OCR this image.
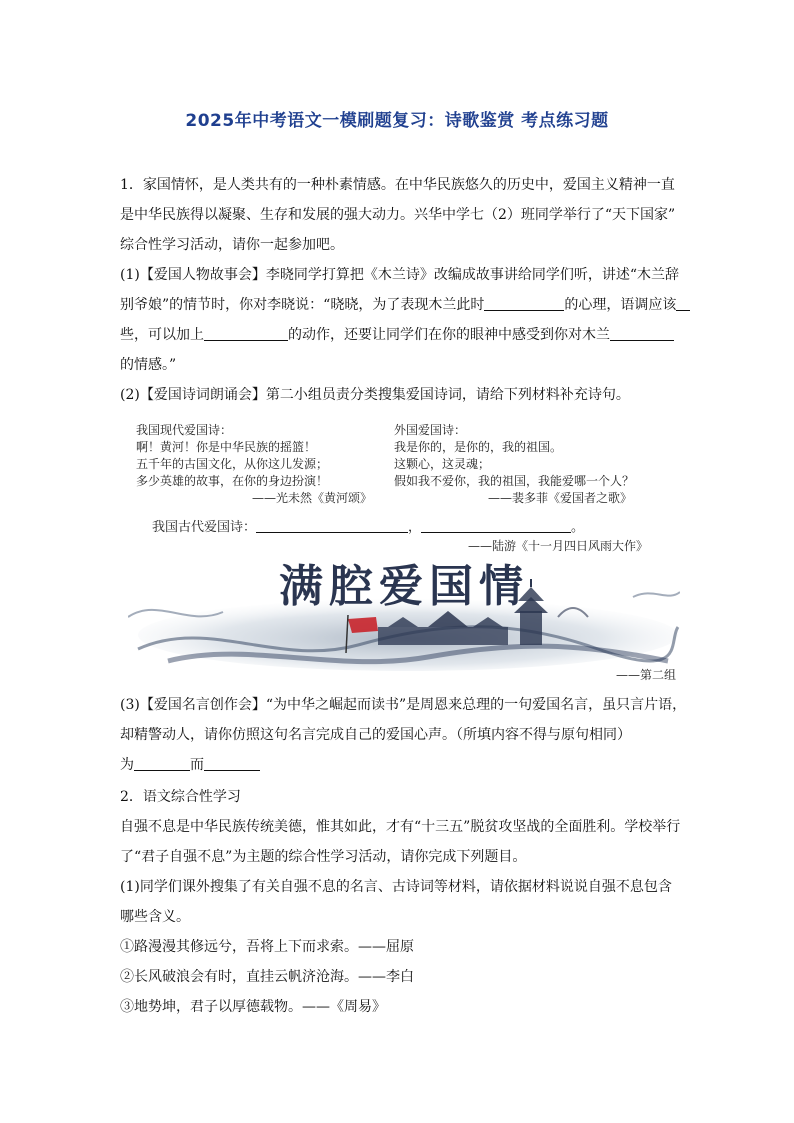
2025年中考语文一模刷题复习：诗歌鉴赏 考点练习题

1．家国情怀，是人类共有的一种朴素情感。在中华民族悠久的历史中，爱国主义精神一直

是中华民族得以凝聚、生存和发展的强大动力。兴华中学七（2）班同学举行了“天下国家”

综合性学习活动，请你一起参加吧。

(1)【爱国人物故事会】李晓同学打算把《木兰诗》改编成故事讲给同学们听，讲述“木兰辞

别爷娘”的情节时，你对李晓说：“晓晓，为了表现木兰此时	的心理，语调应该

些，可以加上	的动作，还要让同学们在你的眼神中感受到你对木兰

的情感。”

(2)【爱国诗词朗诵会】第二小组员责分类搜集爱国诗词，请给下列材料补充诗句。

我国现代爱国诗：
啊！黄河！你是中华民族的摇篮！
五千年的古国文化，从你这儿发源；
多少英雄的故事，在你的身边扮演！
——光未然《黄河颂》
外国爱国诗：
我是你的，是你的，我的祖国。
这颗心，这灵魂；
假如我不爱你，我的祖国，我能爱哪一个人？
——裴多菲《爱国者之歌》
我国古代爱国诗：	，	。
——陆游《十一月四日风雨大作》
满腔爱国情
——第二组

(3)【爱国名言创作会】“为中华之崛起而读书”是周恩来总理的一句爱国名言，虽只言片语，

却精警动人，请你仿照这句名言完成自己的爱国心声。（所填内容不得与原句相同）

为	而

2．语文综合性学习

自强不息是中华民族传统美德，惟其如此，才有“十三五”脱贫攻坚战的全面胜利。学校举行

了“君子自强不息”为主题的综合性学习活动，请你完成下列题目。

(1)同学们课外搜集了有关自强不息的名言、古诗词等材料，请依据材料说说自强不息包含

哪些含义。

①路漫漫其修远兮，吾将上下而求索。——屈原

②长风破浪会有时，直挂云帆济沧海。——李白

③地势坤，君子以厚德载物。——《周易》
